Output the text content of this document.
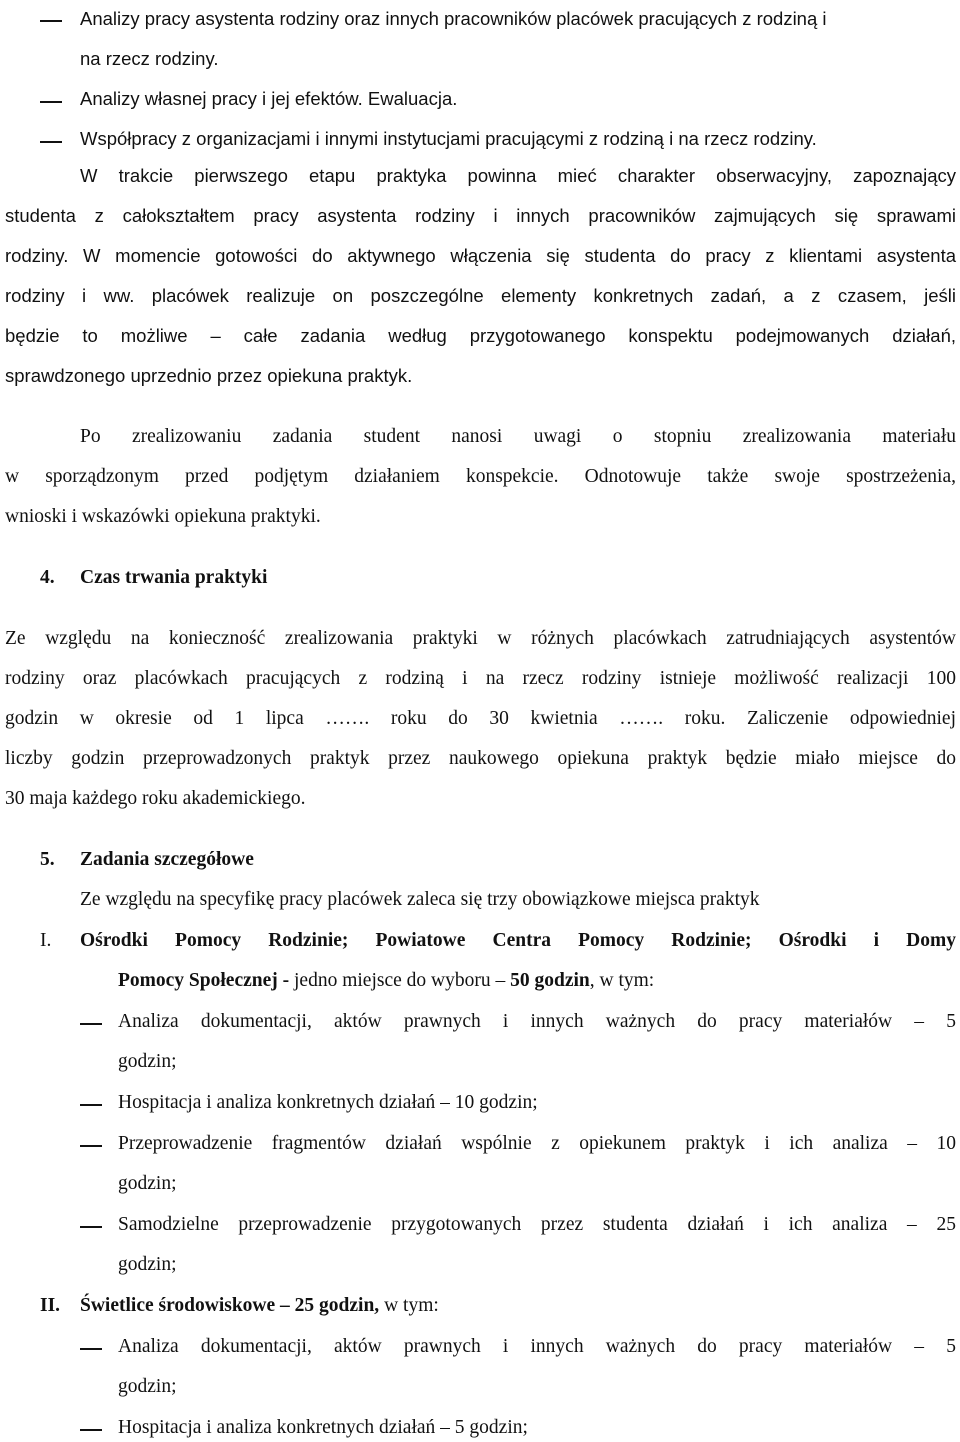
Analizy pracy asystenta rodziny oraz innych pracowników placówek pracujących z rodziną i
na rzecz rodziny.
Analizy własnej pracy i jej efektów. Ewaluacja.
Współpracy z organizacjami i innymi instytucjami pracującymi z rodziną i na rzecz rodziny.
W trakcie pierwszego etapu praktyka powinna mieć charakter obserwacyjny, zapoznający
studenta z całokształtem pracy asystenta rodziny i innych pracowników zajmujących się sprawami
rodziny. W momencie gotowości do aktywnego włączenia się studenta do pracy z klientami asystenta
rodziny i ww. placówek realizuje on poszczególne elementy konkretnych zadań, a z czasem, jeśli
będzie to możliwe – całe zadania według przygotowanego konspektu podejmowanych działań,
sprawdzonego uprzednio przez opiekuna praktyk.
Po zrealizowaniu zadania student nanosi uwagi o stopniu zrealizowania materiału
w sporządzonym przed podjętym działaniem konspekcie. Odnotowuje także swoje spostrzeżenia,
wnioski i wskazówki opiekuna praktyki.
4. Czas trwania praktyki
Ze względu na konieczność zrealizowania praktyki w różnych placówkach zatrudniających asystentów
rodziny oraz placówkach pracujących z rodziną i na rzecz rodziny istnieje możliwość realizacji 100
godzin w okresie od 1 lipca ……. roku do 30 kwietnia ……. roku. Zaliczenie odpowiedniej
liczby godzin przeprowadzonych praktyk przez naukowego opiekuna praktyk będzie miało miejsce do
30 maja każdego roku akademickiego.
5. Zadania szczegółowe
Ze względu na specyfikę pracy placówek zaleca się trzy obowiązkowe miejsca praktyk
I. Ośrodki Pomocy Rodzinie; Powiatowe Centra Pomocy Rodzinie; Ośrodki i Domy
Pomocy Społecznej - jedno miejsce do wyboru – 50 godzin, w tym:
Analiza dokumentacji, aktów prawnych i innych ważnych do pracy materiałów – 5
godzin;
Hospitacja i analiza konkretnych działań – 10 godzin;
Przeprowadzenie fragmentów działań wspólnie z opiekunem praktyk i ich analiza – 10
godzin;
Samodzielne przeprowadzenie przygotowanych przez studenta działań i ich analiza – 25
godzin;
II. Świetlice środowiskowe – 25 godzin, w tym:
Analiza dokumentacji, aktów prawnych i innych ważnych do pracy materiałów – 5
godzin;
Hospitacja i analiza konkretnych działań – 5 godzin;
